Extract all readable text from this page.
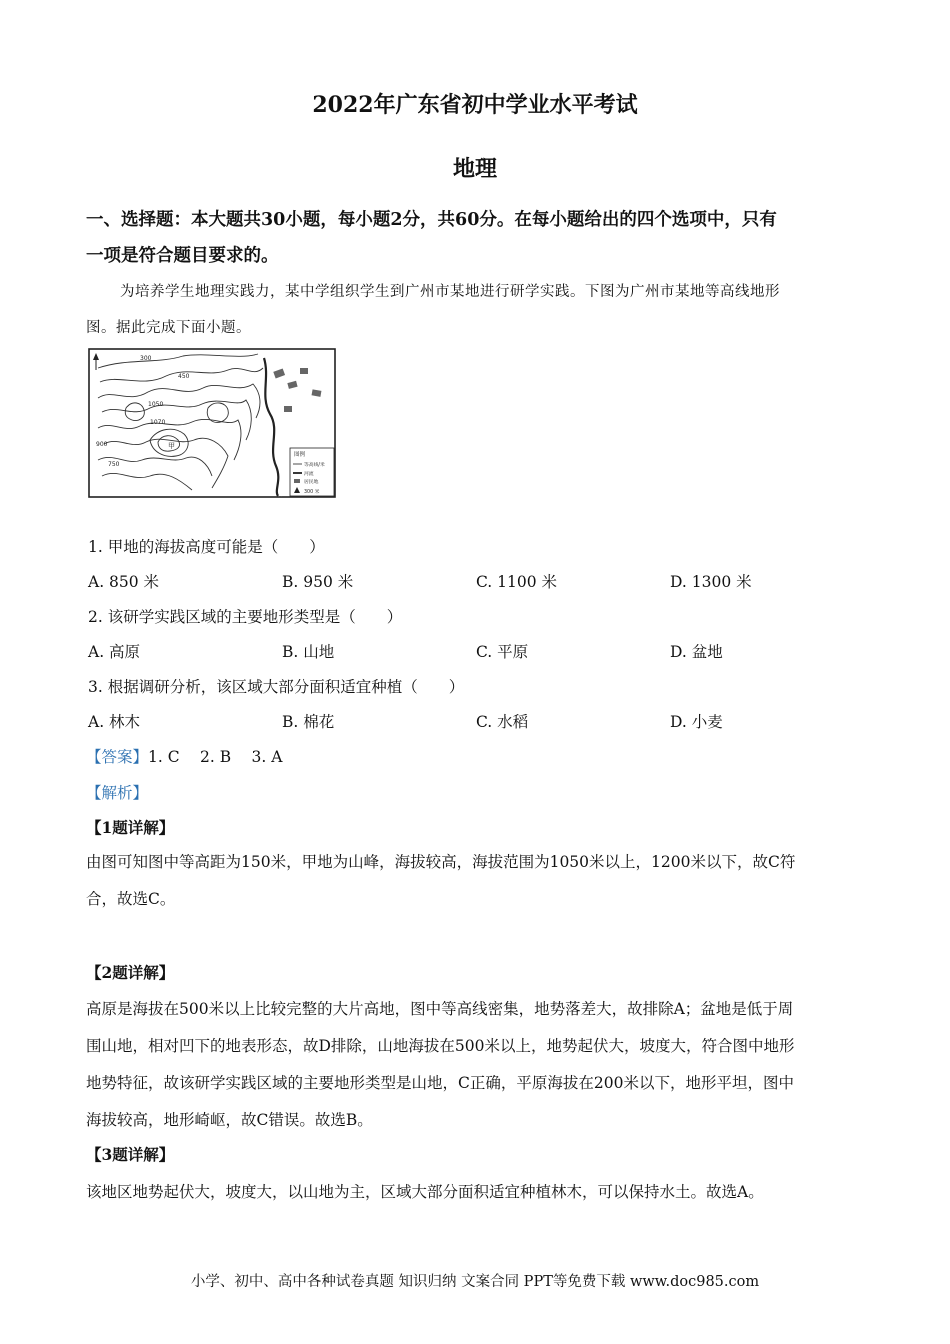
2022年广东省初中学业水平考试
地理
一、选择题：本大题共30小题，每小题2分，共60分。在每小题给出的四个选项中，只有
一项是符合题目要求的。
为培养学生地理实践力，某中学组织学生到广州市某地进行研学实践。下图为广州市某地等高线地形
图。据此完成下面小题。
300
450
1050
1070
900
750
甲
图例
等高线/米
河流
居民地
300 米
1. 甲地的海拔高度可能是（　　）
A. 850 米	B. 950 米	C. 1100 米	D. 1300 米
2. 该研学实践区域的主要地形类型是（　　）
A. 高原	B. 山地	C. 平原	D. 盆地
3. 根据调研分析，该区域大部分面积适宜种植（　　）
A. 林木	B. 棉花	C. 水稻	D. 小麦
【答案】1. C　 2. B　 3. A
【解析】
【1题详解】
由图可知图中等高距为150米，甲地为山峰，海拔较高，海拔范围为1050米以上，1200米以下，故C符
合，故选C。
【2题详解】
高原是海拔在500米以上比较完整的大片高地，图中等高线密集，地势落差大，故排除A；盆地是低于周
围山地，相对凹下的地表形态，故D排除，山地海拔在500米以上，地势起伏大，坡度大，符合图中地形
地势特征，故该研学实践区域的主要地形类型是山地，C正确，平原海拔在200米以下，地形平坦，图中
海拔较高，地形崎岖，故C错误。故选B。
【3题详解】
该地区地势起伏大，坡度大，以山地为主，区域大部分面积适宜种植林木，可以保持水土。故选A。
小学、初中、高中各种试卷真题 知识归纳 文案合同 PPT等免费下载 www.doc985.com
